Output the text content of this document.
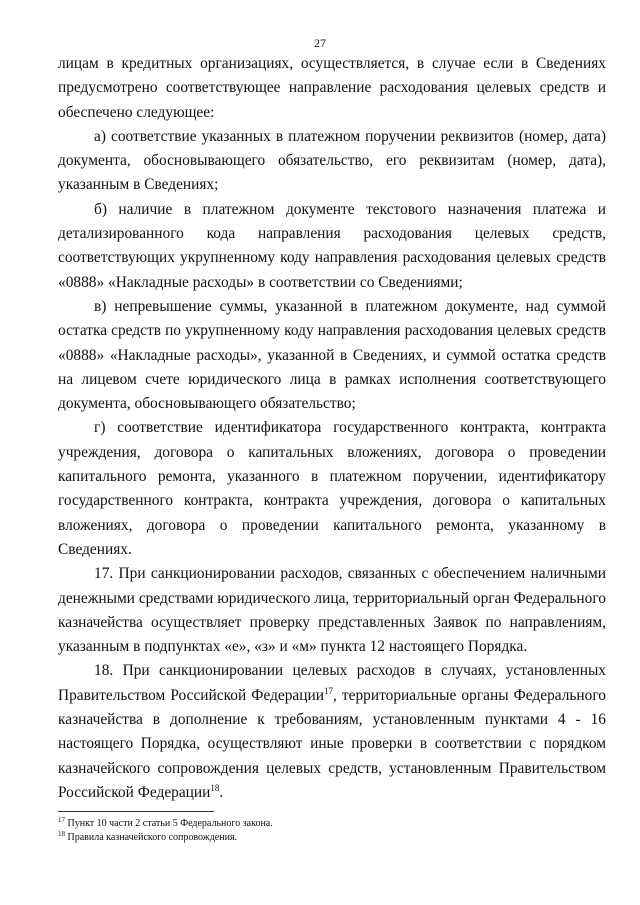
27

лицам в кредитных организациях, осуществляется, в случае если в Сведениях предусмотрено соответствующее направление расходования целевых средств и обеспечено следующее:

а) соответствие указанных в платежном поручении реквизитов (номер, дата) документа, обосновывающего обязательство, его реквизитам (номер, дата), указанным в Сведениях;

б) наличие в платежном документе текстового назначения платежа и детализированного кода направления расходования целевых средств, соответствующих укрупненному коду направления расходования целевых средств «0888» «Накладные расходы» в соответствии со Сведениями;

в) непревышение суммы, указанной в платежном документе, над суммой остатка средств по укрупненному коду направления расходования целевых средств «0888» «Накладные расходы», указанной в Сведениях, и суммой остатка средств на лицевом счете юридического лица в рамках исполнения соответствующего документа, обосновывающего обязательство;

г) соответствие идентификатора государственного контракта, контракта учреждения, договора о капитальных вложениях, договора о проведении капитального ремонта, указанного в платежном поручении, идентификатору государственного контракта, контракта учреждения, договора о капитальных вложениях, договора о проведении капитального ремонта, указанному в Сведениях.

17. При санкционировании расходов, связанных с обеспечением наличными денежными средствами юридического лица, территориальный орган Федерального казначейства осуществляет проверку представленных Заявок по направлениям, указанным в подпунктах «е», «з» и «м» пункта 12 настоящего Порядка.

18. При санкционировании целевых расходов в случаях, установленных Правительством Российской Федерации$^{17}$, территориальные органы Федерального казначейства в дополнение к требованиям, установленным пунктами 4 - 16 настоящего Порядка, осуществляют иные проверки в соответствии с порядком казначейского сопровождения целевых средств, установленным Правительством Российской Федерации$^{18}$.

$^{17}$ Пункт 10 части 2 статьи 5 Федерального закона.

$^{18}$ Правила казначейского сопровождения.
